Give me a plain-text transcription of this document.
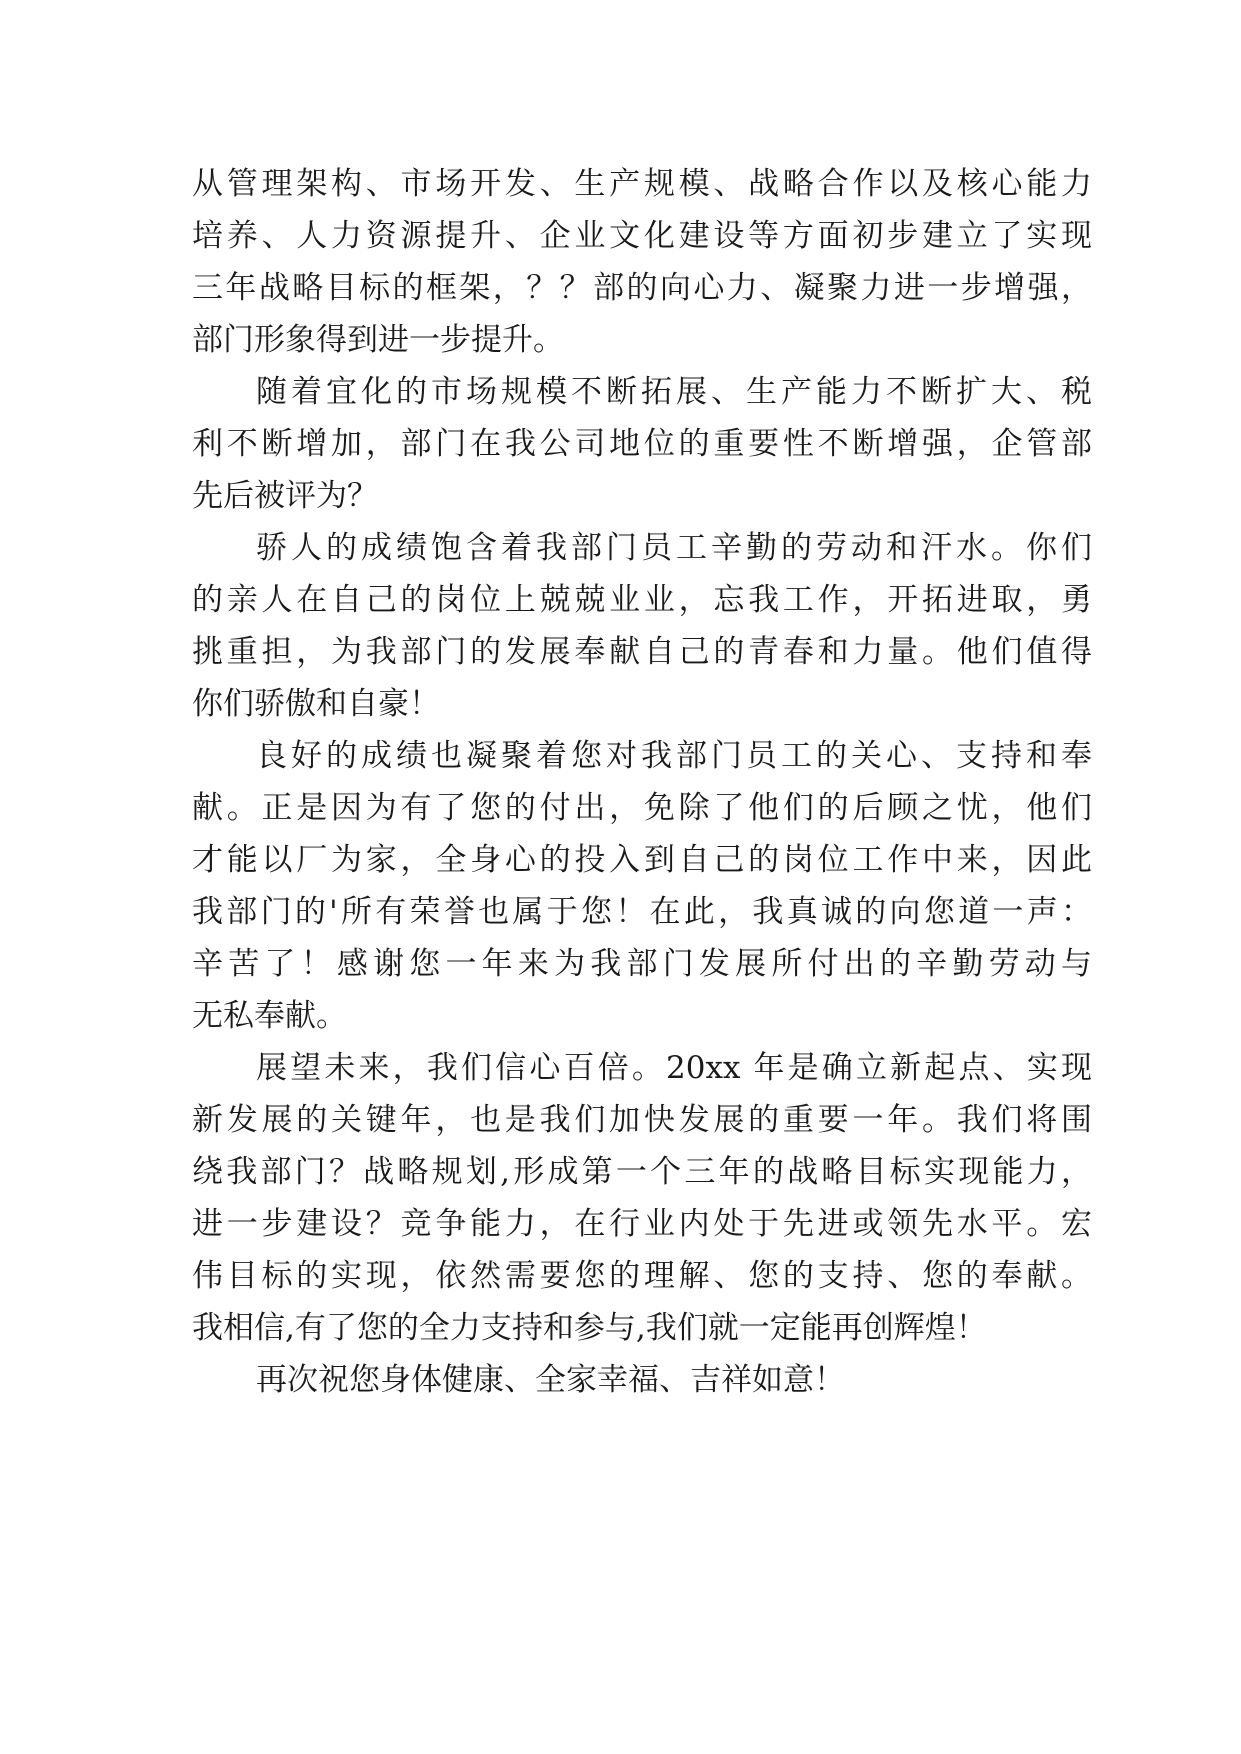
从管理架构、市场开发、生产规模、战略合作以及核心能力
培养、人力资源提升、企业文化建设等方面初步建立了实现
三年战略目标的框架，？？部的向心力、凝聚力进一步增强，
部门形象得到进一步提升。
随着宜化的市场规模不断拓展、生产能力不断扩大、税
利不断增加，部门在我公司地位的重要性不断增强，企管部
先后被评为？
骄人的成绩饱含着我部门员工辛勤的劳动和汗水。你们
的亲人在自己的岗位上兢兢业业，忘我工作，开拓进取，勇
挑重担，为我部门的发展奉献自己的青春和力量。他们值得
你们骄傲和自豪！
良好的成绩也凝聚着您对我部门员工的关心、支持和奉
献。正是因为有了您的付出，免除了他们的后顾之忧，他们
才能以厂为家，全身心的投入到自己的岗位工作中来，因此
我部门的'所有荣誉也属于您！在此，我真诚的向您道一声：
辛苦了！感谢您一年来为我部门发展所付出的辛勤劳动与
无私奉献。
展望未来，我们信心百倍。20xx 年是确立新起点、实现
新发展的关键年，也是我们加快发展的重要一年。我们将围
绕我部门？战略规划,形成第一个三年的战略目标实现能力，
进一步建设？竞争能力，在行业内处于先进或领先水平。宏
伟目标的实现，依然需要您的理解、您的支持、您的奉献。
我相信,有了您的全力支持和参与,我们就一定能再创辉煌！
再次祝您身体健康、全家幸福、吉祥如意！
